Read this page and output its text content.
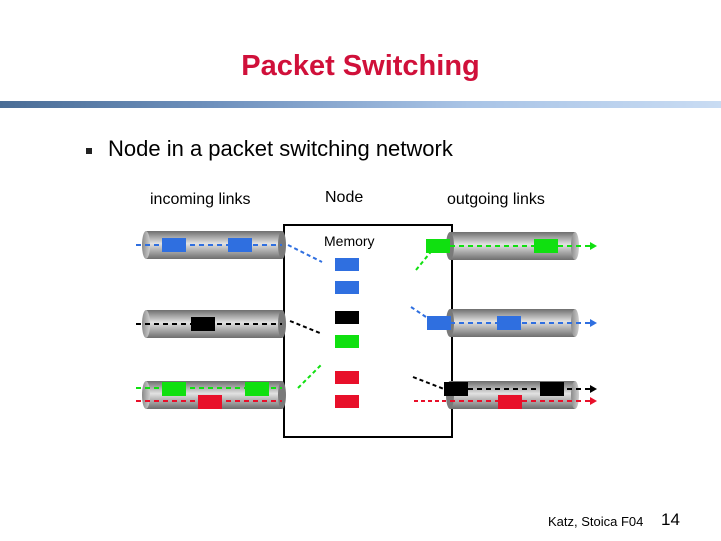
Packet Switching
Node in a packet switching network
incoming links	Node	outgoing links
Memory
Katz, Stoica F04 14
